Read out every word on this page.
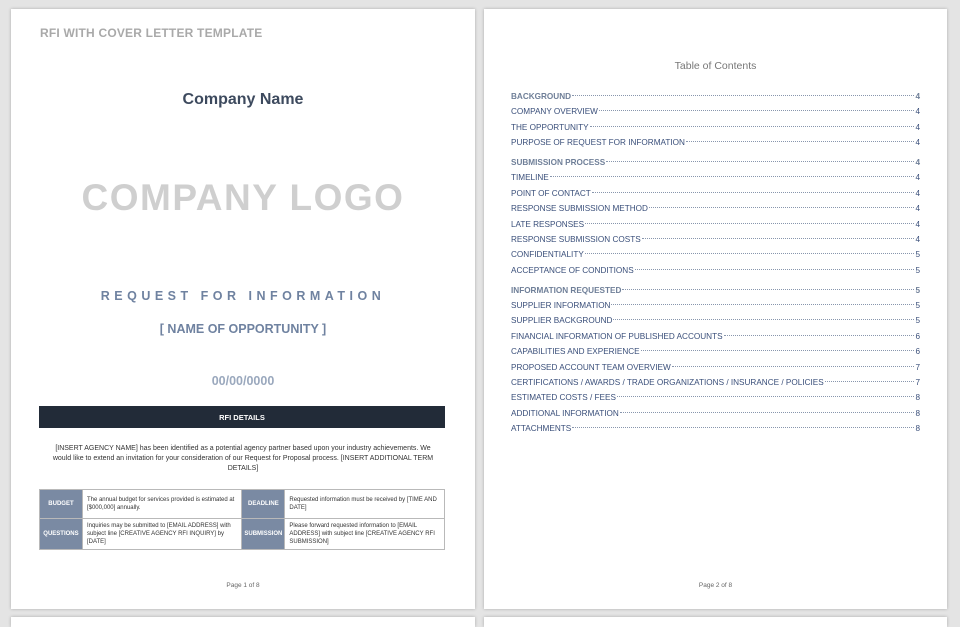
RFI WITH COVER LETTER TEMPLATE
Company Name
COMPANY LOGO
REQUEST FOR INFORMATION
[ NAME OF OPPORTUNITY ]
00/00/0000
RFI DETAILS
[INSERT AGENCY NAME] has been identified as a potential agency partner based upon your industry achievements. We would like to extend an invitation for your consideration of our Request for Proposal process. [INSERT ADDITIONAL TERM DETAILS]
BUDGET	The annual budget for services provided is estimated at [$000,000] annually.	DEADLINE	Requested information must be received by [TIME AND DATE]
QUESTIONS	Inquiries may be submitted to [EMAIL ADDRESS] with subject line [CREATIVE AGENCY RFI INQUIRY] by [DATE]	SUBMISSION	Please forward requested information to [EMAIL ADDRESS] with subject line [CREATIVE AGENCY RFI SUBMISSION]
Page 1 of 8
Table of Contents
BACKGROUND	4
COMPANY OVERVIEW	4
THE OPPORTUNITY	4
PURPOSE OF REQUEST FOR INFORMATION	4
SUBMISSION PROCESS	4
TIMELINE	4
POINT OF CONTACT	4
RESPONSE SUBMISSION METHOD	4
LATE RESPONSES	4
RESPONSE SUBMISSION COSTS	4
CONFIDENTIALITY	5
ACCEPTANCE OF CONDITIONS	5
INFORMATION REQUESTED	5
SUPPLIER INFORMATION	5
SUPPLIER BACKGROUND	5
FINANCIAL INFORMATION OF PUBLISHED ACCOUNTS	6
CAPABILITIES AND EXPERIENCE	6
PROPOSED ACCOUNT TEAM OVERVIEW	7
CERTIFICATIONS / AWARDS / TRADE ORGANIZATIONS / INSURANCE / POLICIES	7
ESTIMATED COSTS / FEES	8
ADDITIONAL INFORMATION	8
ATTACHMENTS	8
Page 2 of 8
